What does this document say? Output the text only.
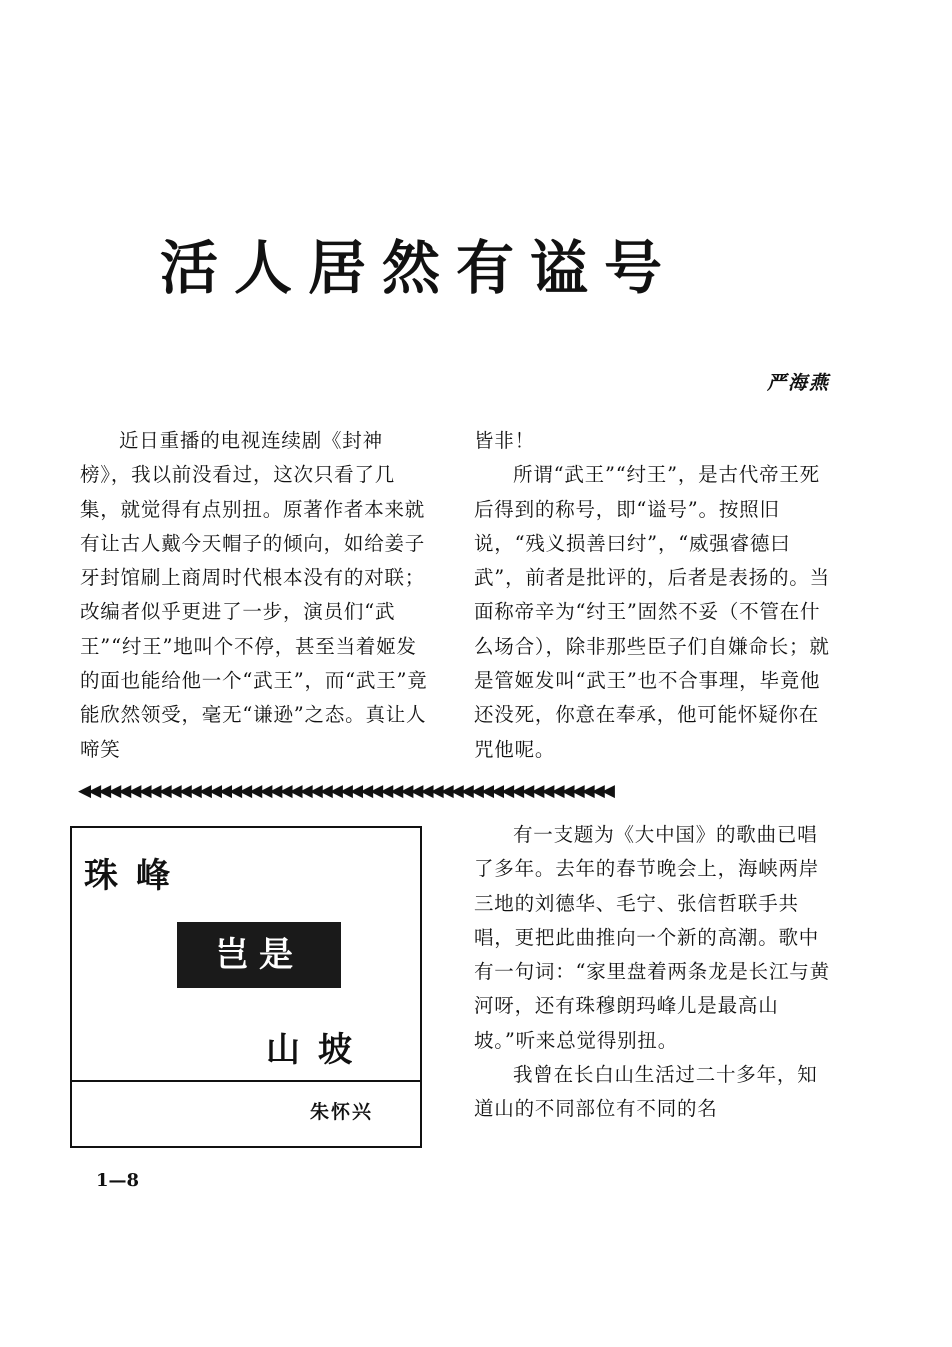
活人居然有谥号
严海燕

近日重播的电视连续剧《封神榜》，我以前没看过，这次只看了几集，就觉得有点别扭。原著作者本来就有让古人戴今天帽子的倾向，如给姜子牙封馆刷上商周时代根本没有的对联；改编者似乎更进了一步，演员们“武王”“纣王”地叫个不停，甚至当着姬发的面也能给他一个“武王”，而“武王”竟能欣然领受，毫无“谦逊”之态。真让人啼笑

皆非！

所谓“武王”“纣王”，是古代帝王死后得到的称号，即“谥号”。按照旧说，“残义损善曰纣”，“威强睿德曰武”，前者是批评的，后者是表扬的。当面称帝辛为“纣王”固然不妥（不管在什么场合），除非那些臣子们自嫌命长；就是管姬发叫“武王”也不合事理，毕竟他还没死，你意在奉承，他可能怀疑你在咒他呢。

◀◀◀◀◀◀◀◀◀◀◀◀◀◀◀◀◀◀◀◀◀◀◀◀◀◀◀◀◀◀◀◀◀◀◀◀◀◀◀◀◀◀◀◀◀◀◀◀◀◀◀◀◀
珠峰
岂是
山坡
朱怀兴

有一支题为《大中国》的歌曲已唱了多年。去年的春节晚会上，海峡两岸三地的刘德华、毛宁、张信哲联手共唱，更把此曲推向一个新的高潮。歌中有一句词：“家里盘着两条龙是长江与黄河呀，还有珠穆朗玛峰儿是最高山坡。”听来总觉得别扭。

我曾在长白山生活过二十多年，知道山的不同部位有不同的名

1—8
